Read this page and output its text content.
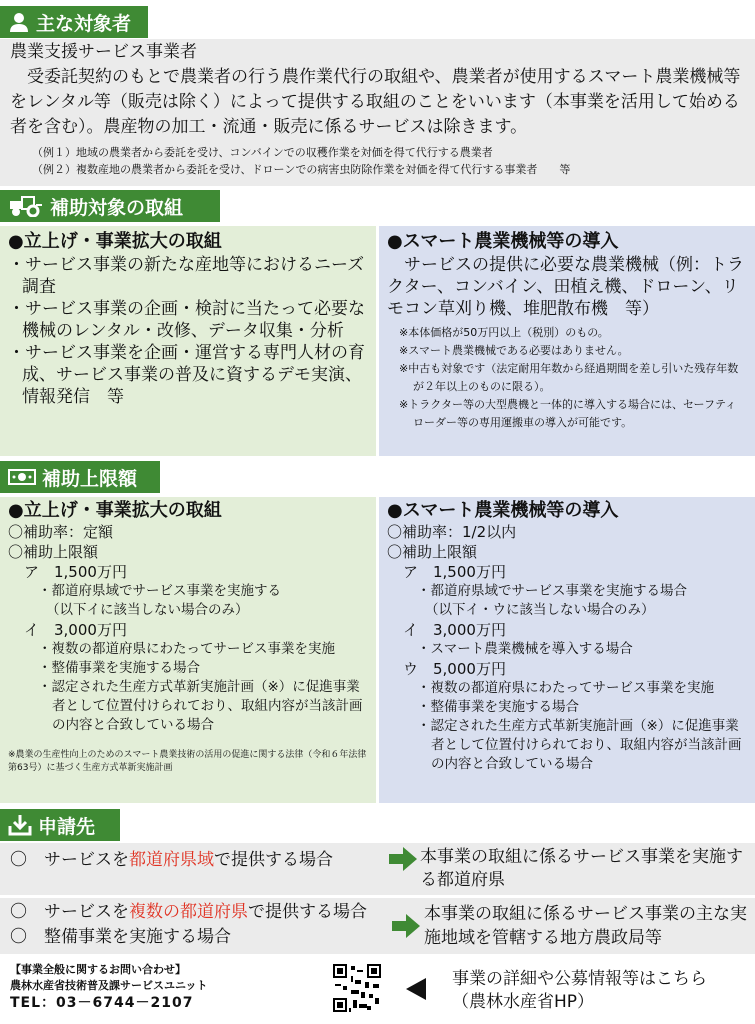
主な対象者

農業支援サービス事業者

　受委託契約のもとで農業者の行う農作業代行の取組や、農業者が使用するスマート農業機械等をレンタル等（販売は除く）によって提供する取組のことをいいます（本事業を活用して始める者を含む）。農産物の加工・流通・販売に係るサービスは除きます。

（例１）地域の農業者から委託を受け、コンバインでの収穫作業を対価を得て代行する農業者

（例２）複数産地の農業者から委託を受け、ドローンでの病害虫防除作業を対価を得て代行する事業者　　等

補助対象の取組

●立上げ・事業拡大の取組

・サービス事業の新たな産地等におけるニーズ調査

・サービス事業の企画・検討に当たって必要な機械のレンタル・改修、データ収集・分析

・サービス事業を企画・運営する専門人材の育成、サービス事業の普及に資するデモ実演、情報発信　等

●スマート農業機械等の導入

　サービスの提供に必要な農業機械（例：トラクター、コンバイン、田植え機、ドローン、リモコン草刈り機、堆肥散布機　等）

※本体価格が50万円以上（税別）のもの。

※スマート農業機械である必要はありません。

※中古も対象です（法定耐用年数から経過期間を差し引いた残存年数が２年以上のものに限る）。

※トラクター等の大型農機と一体的に導入する場合には、セーフティローダー等の専用運搬車の導入が可能です。

補助上限額

●立上げ・事業拡大の取組

〇補助率：定額

〇補助上限額

ア　1,500万円

・都道府県域でサービス事業を実施する

（以下イに該当しない場合のみ）

イ　3,000万円

・複数の都道府県にわたってサービス事業を実施

・整備事業を実施する場合

・認定された生産方式革新実施計画（※）に促進事業者として位置付けられており、取組内容が当該計画の内容と合致している場合

※農業の生産性向上のためのスマート農業技術の活用の促進に関する法律（令和６年法律第63号）に基づく生産方式革新実施計画

●スマート農業機械等の導入

〇補助率：1/2以内

〇補助上限額

ア　1,500万円

・都道府県域でサービス事業を実施する場合

（以下イ・ウに該当しない場合のみ）

イ　3,000万円

・スマート農業機械を導入する場合

ウ　5,000万円

・複数の都道府県にわたってサービス事業を実施

・整備事業を実施する場合

・認定された生産方式革新実施計画（※）に促進事業者として位置付けられており、取組内容が当該計画の内容と合致している場合

申請先

〇　サービスを都道府県域で提供する場合	本事業の取組に係るサービス事業を実施する都道府県

〇　サービスを複数の都道府県で提供する場合

〇　整備事業を実施する場合

本事業の取組に係るサービス事業の主な実施地域を管轄する地方農政局等

【事業全般に関するお問い合わせ】

農林水産省技術普及課サービスユニット

TEL：03－6744－2107

事業の詳細や公募情報等はこちら

（農林水産省HP）
